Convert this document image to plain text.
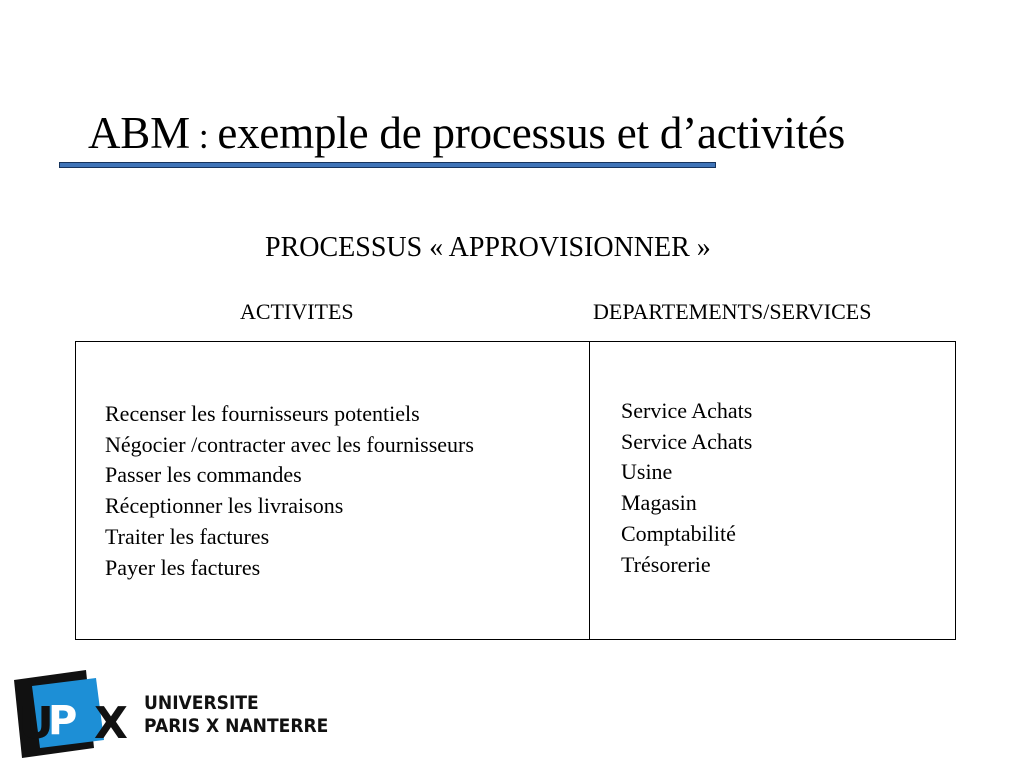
ABM : exemple de processus et d’activités
PROCESSUS « APPROVISIONNER »
ACTIVITES	DEPARTEMENTS/SERVICES
Recenser les fournisseurs potentiels
Négocier /contracter avec les fournisseurs
Passer les commandes
Réceptionner les livraisons
Traiter les factures
Payer les factures
Service Achats
Service Achats
Usine
Magasin
Comptabilité
Trésorerie
U
P X UNIVERSITE
PARIS X NANTERRE
